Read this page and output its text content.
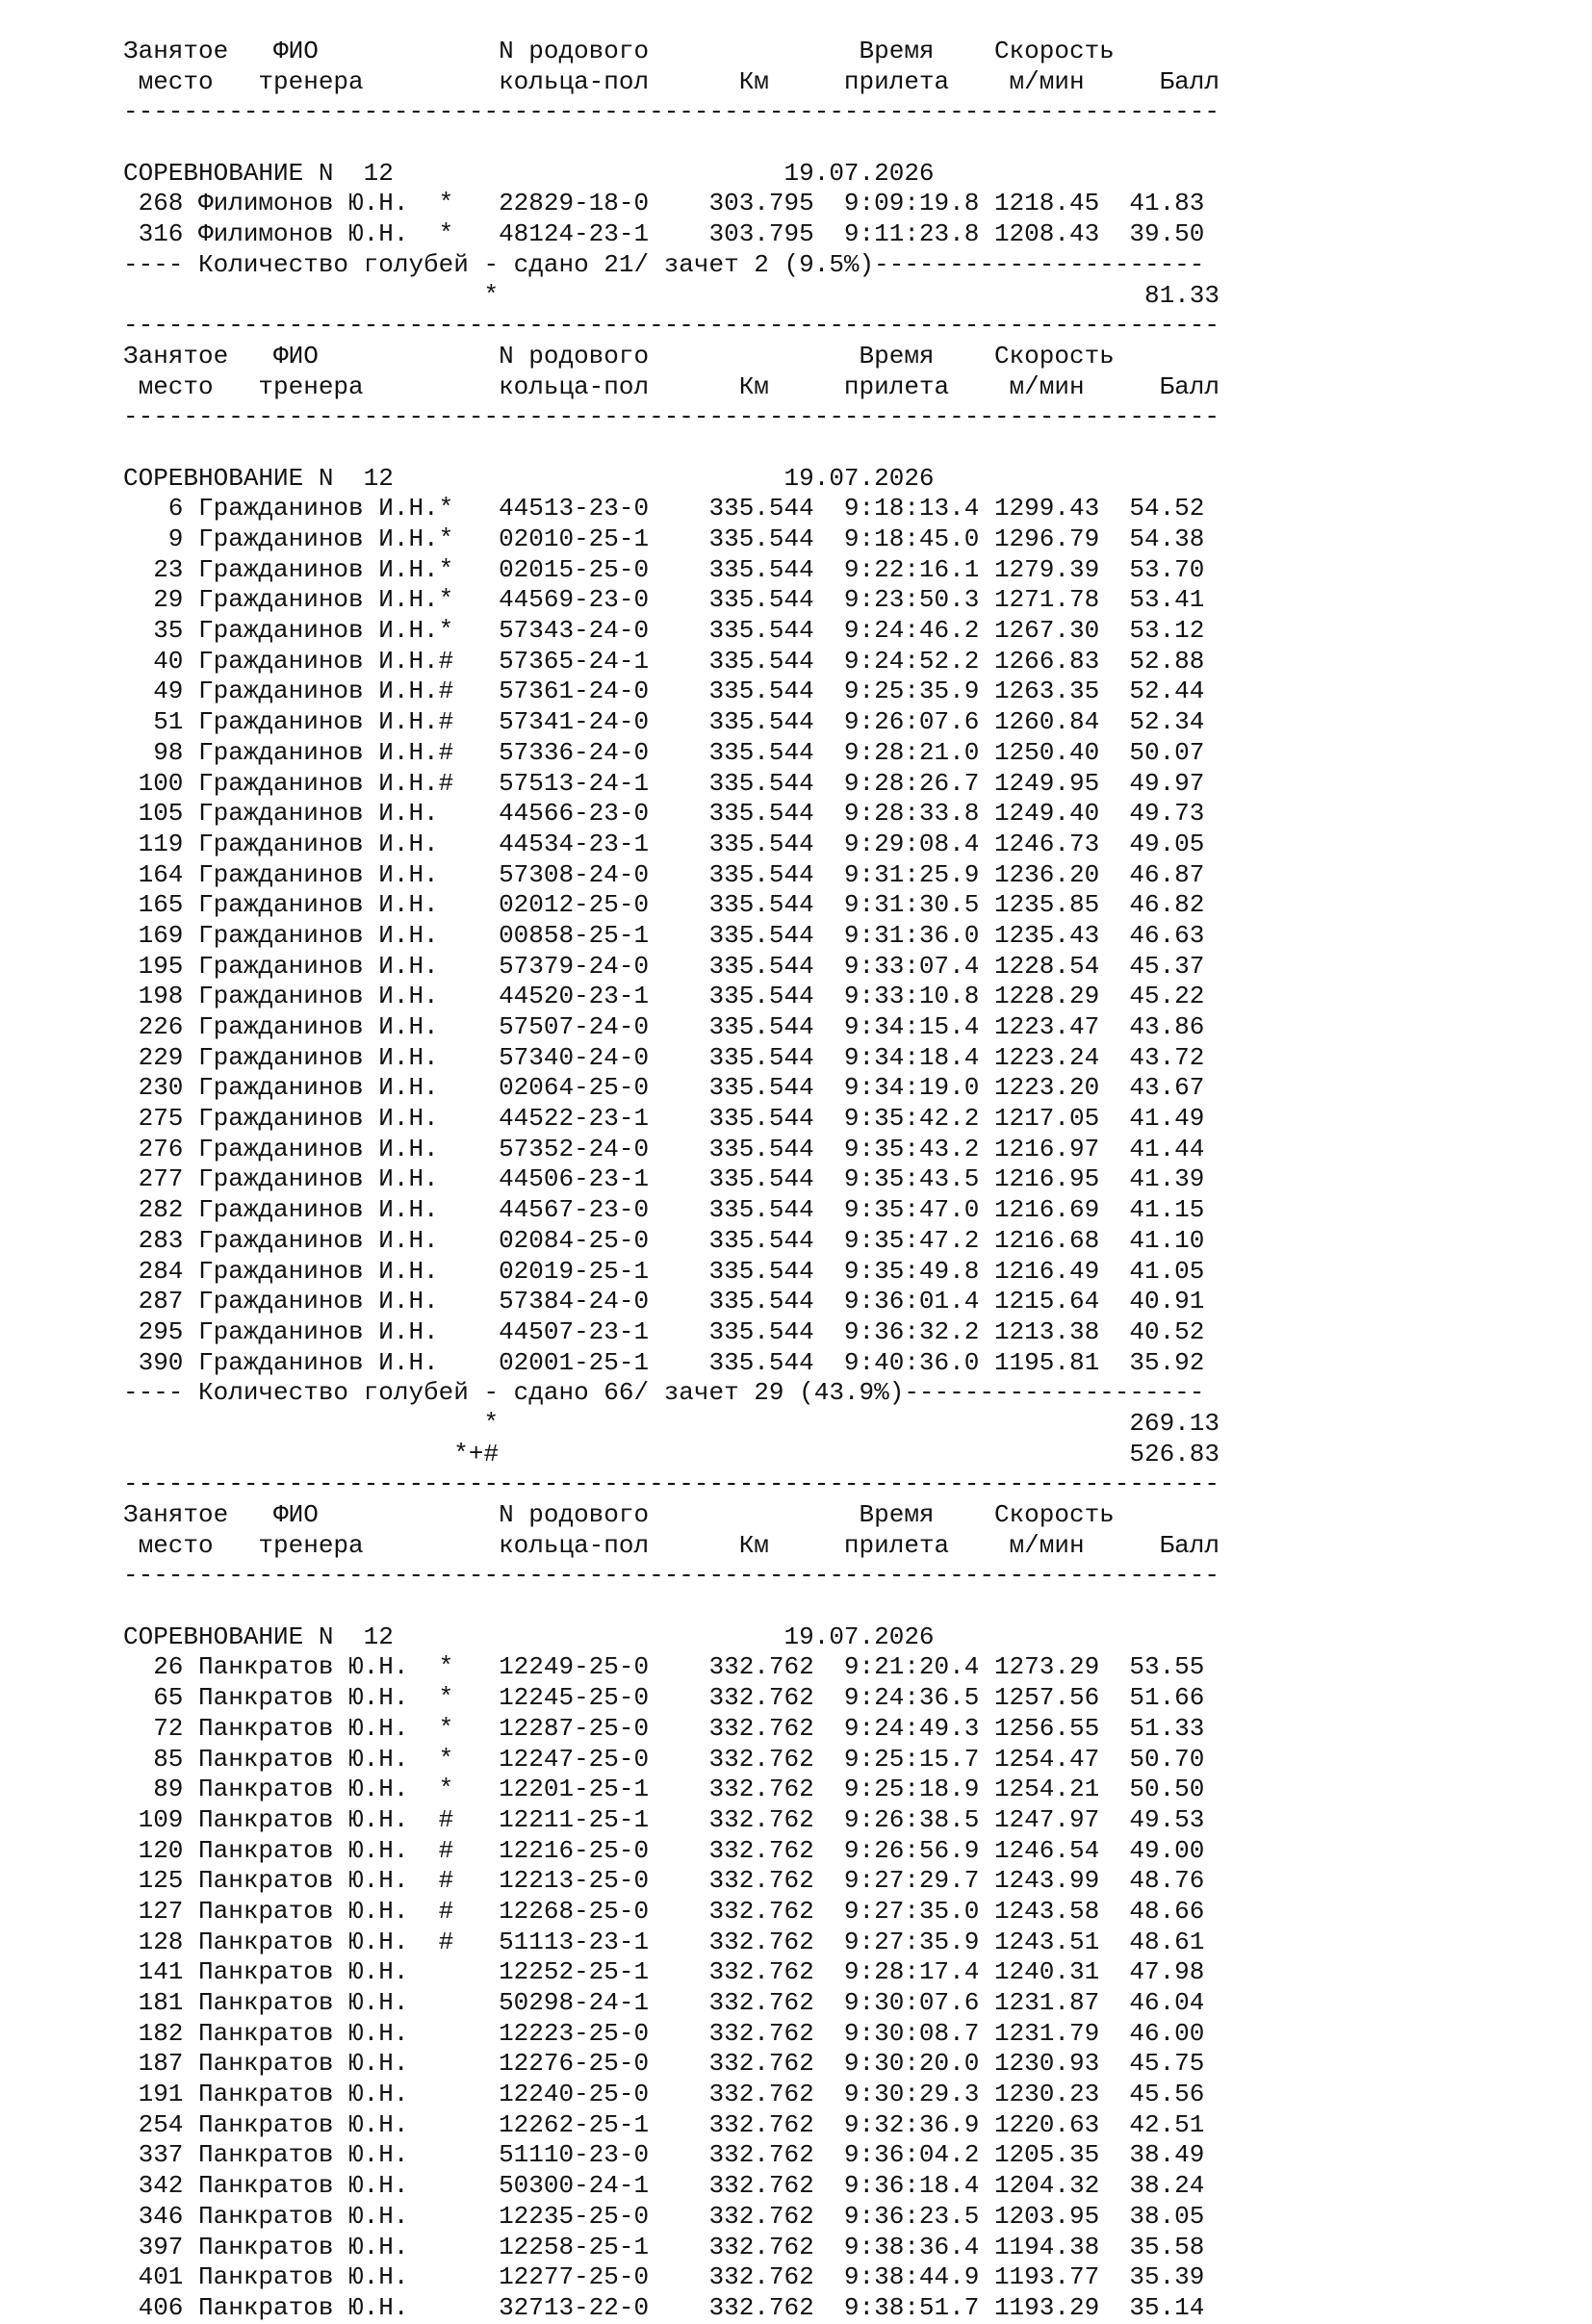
Занятое   ФИО            N родового              Время    Скорость
место   тренера         кольца-пол      Км     прилета    м/мин     Балл
-------------------------------------------------------------------------
СОРЕВНОВАНИЕ N  12                          19.07.2026
268 Филимонов Ю.Н.  *   22829-18-0    303.795  9:09:19.8 1218.45  41.83
316 Филимонов Ю.Н.  *   48124-23-1    303.795  9:11:23.8 1208.43  39.50
---- Количество голубей - сдано 21/ зачет 2 (9.5%)----------------------
*                                           81.33
-------------------------------------------------------------------------
Занятое   ФИО            N родового              Время    Скорость
место   тренера         кольца-пол      Км     прилета    м/мин     Балл
-------------------------------------------------------------------------
СОРЕВНОВАНИЕ N  12                          19.07.2026
6 Гражданинов И.Н.*   44513-23-0    335.544  9:18:13.4 1299.43  54.52
9 Гражданинов И.Н.*   02010-25-1    335.544  9:18:45.0 1296.79  54.38
23 Гражданинов И.Н.*   02015-25-0    335.544  9:22:16.1 1279.39  53.70
29 Гражданинов И.Н.*   44569-23-0    335.544  9:23:50.3 1271.78  53.41
35 Гражданинов И.Н.*   57343-24-0    335.544  9:24:46.2 1267.30  53.12
40 Гражданинов И.Н.#   57365-24-1    335.544  9:24:52.2 1266.83  52.88
49 Гражданинов И.Н.#   57361-24-0    335.544  9:25:35.9 1263.35  52.44
51 Гражданинов И.Н.#   57341-24-0    335.544  9:26:07.6 1260.84  52.34
98 Гражданинов И.Н.#   57336-24-0    335.544  9:28:21.0 1250.40  50.07
100 Гражданинов И.Н.#   57513-24-1    335.544  9:28:26.7 1249.95  49.97
105 Гражданинов И.Н.    44566-23-0    335.544  9:28:33.8 1249.40  49.73
119 Гражданинов И.Н.    44534-23-1    335.544  9:29:08.4 1246.73  49.05
164 Гражданинов И.Н.    57308-24-0    335.544  9:31:25.9 1236.20  46.87
165 Гражданинов И.Н.    02012-25-0    335.544  9:31:30.5 1235.85  46.82
169 Гражданинов И.Н.    00858-25-1    335.544  9:31:36.0 1235.43  46.63
195 Гражданинов И.Н.    57379-24-0    335.544  9:33:07.4 1228.54  45.37
198 Гражданинов И.Н.    44520-23-1    335.544  9:33:10.8 1228.29  45.22
226 Гражданинов И.Н.    57507-24-0    335.544  9:34:15.4 1223.47  43.86
229 Гражданинов И.Н.    57340-24-0    335.544  9:34:18.4 1223.24  43.72
230 Гражданинов И.Н.    02064-25-0    335.544  9:34:19.0 1223.20  43.67
275 Гражданинов И.Н.    44522-23-1    335.544  9:35:42.2 1217.05  41.49
276 Гражданинов И.Н.    57352-24-0    335.544  9:35:43.2 1216.97  41.44
277 Гражданинов И.Н.    44506-23-1    335.544  9:35:43.5 1216.95  41.39
282 Гражданинов И.Н.    44567-23-0    335.544  9:35:47.0 1216.69  41.15
283 Гражданинов И.Н.    02084-25-0    335.544  9:35:47.2 1216.68  41.10
284 Гражданинов И.Н.    02019-25-1    335.544  9:35:49.8 1216.49  41.05
287 Гражданинов И.Н.    57384-24-0    335.544  9:36:01.4 1215.64  40.91
295 Гражданинов И.Н.    44507-23-1    335.544  9:36:32.2 1213.38  40.52
390 Гражданинов И.Н.    02001-25-1    335.544  9:40:36.0 1195.81  35.92
---- Количество голубей - сдано 66/ зачет 29 (43.9%)--------------------
*                                          269.13
*+#                                          526.83
-------------------------------------------------------------------------
Занятое   ФИО            N родового              Время    Скорость
место   тренера         кольца-пол      Км     прилета    м/мин     Балл
-------------------------------------------------------------------------
СОРЕВНОВАНИЕ N  12                          19.07.2026
26 Панкратов Ю.Н.  *   12249-25-0    332.762  9:21:20.4 1273.29  53.55
65 Панкратов Ю.Н.  *   12245-25-0    332.762  9:24:36.5 1257.56  51.66
72 Панкратов Ю.Н.  *   12287-25-0    332.762  9:24:49.3 1256.55  51.33
85 Панкратов Ю.Н.  *   12247-25-0    332.762  9:25:15.7 1254.47  50.70
89 Панкратов Ю.Н.  *   12201-25-1    332.762  9:25:18.9 1254.21  50.50
109 Панкратов Ю.Н.  #   12211-25-1    332.762  9:26:38.5 1247.97  49.53
120 Панкратов Ю.Н.  #   12216-25-0    332.762  9:26:56.9 1246.54  49.00
125 Панкратов Ю.Н.  #   12213-25-0    332.762  9:27:29.7 1243.99  48.76
127 Панкратов Ю.Н.  #   12268-25-0    332.762  9:27:35.0 1243.58  48.66
128 Панкратов Ю.Н.  #   51113-23-1    332.762  9:27:35.9 1243.51  48.61
141 Панкратов Ю.Н.      12252-25-1    332.762  9:28:17.4 1240.31  47.98
181 Панкратов Ю.Н.      50298-24-1    332.762  9:30:07.6 1231.87  46.04
182 Панкратов Ю.Н.      12223-25-0    332.762  9:30:08.7 1231.79  46.00
187 Панкратов Ю.Н.      12276-25-0    332.762  9:30:20.0 1230.93  45.75
191 Панкратов Ю.Н.      12240-25-0    332.762  9:30:29.3 1230.23  45.56
254 Панкратов Ю.Н.      12262-25-1    332.762  9:32:36.9 1220.63  42.51
337 Панкратов Ю.Н.      51110-23-0    332.762  9:36:04.2 1205.35  38.49
342 Панкратов Ю.Н.      50300-24-1    332.762  9:36:18.4 1204.32  38.24
346 Панкратов Ю.Н.      12235-25-0    332.762  9:36:23.5 1203.95  38.05
397 Панкратов Ю.Н.      12258-25-1    332.762  9:38:36.4 1194.38  35.58
401 Панкратов Ю.Н.      12277-25-0    332.762  9:38:44.9 1193.77  35.39
406 Панкратов Ю.Н.      32713-22-0    332.762  9:38:51.7 1193.29  35.14
